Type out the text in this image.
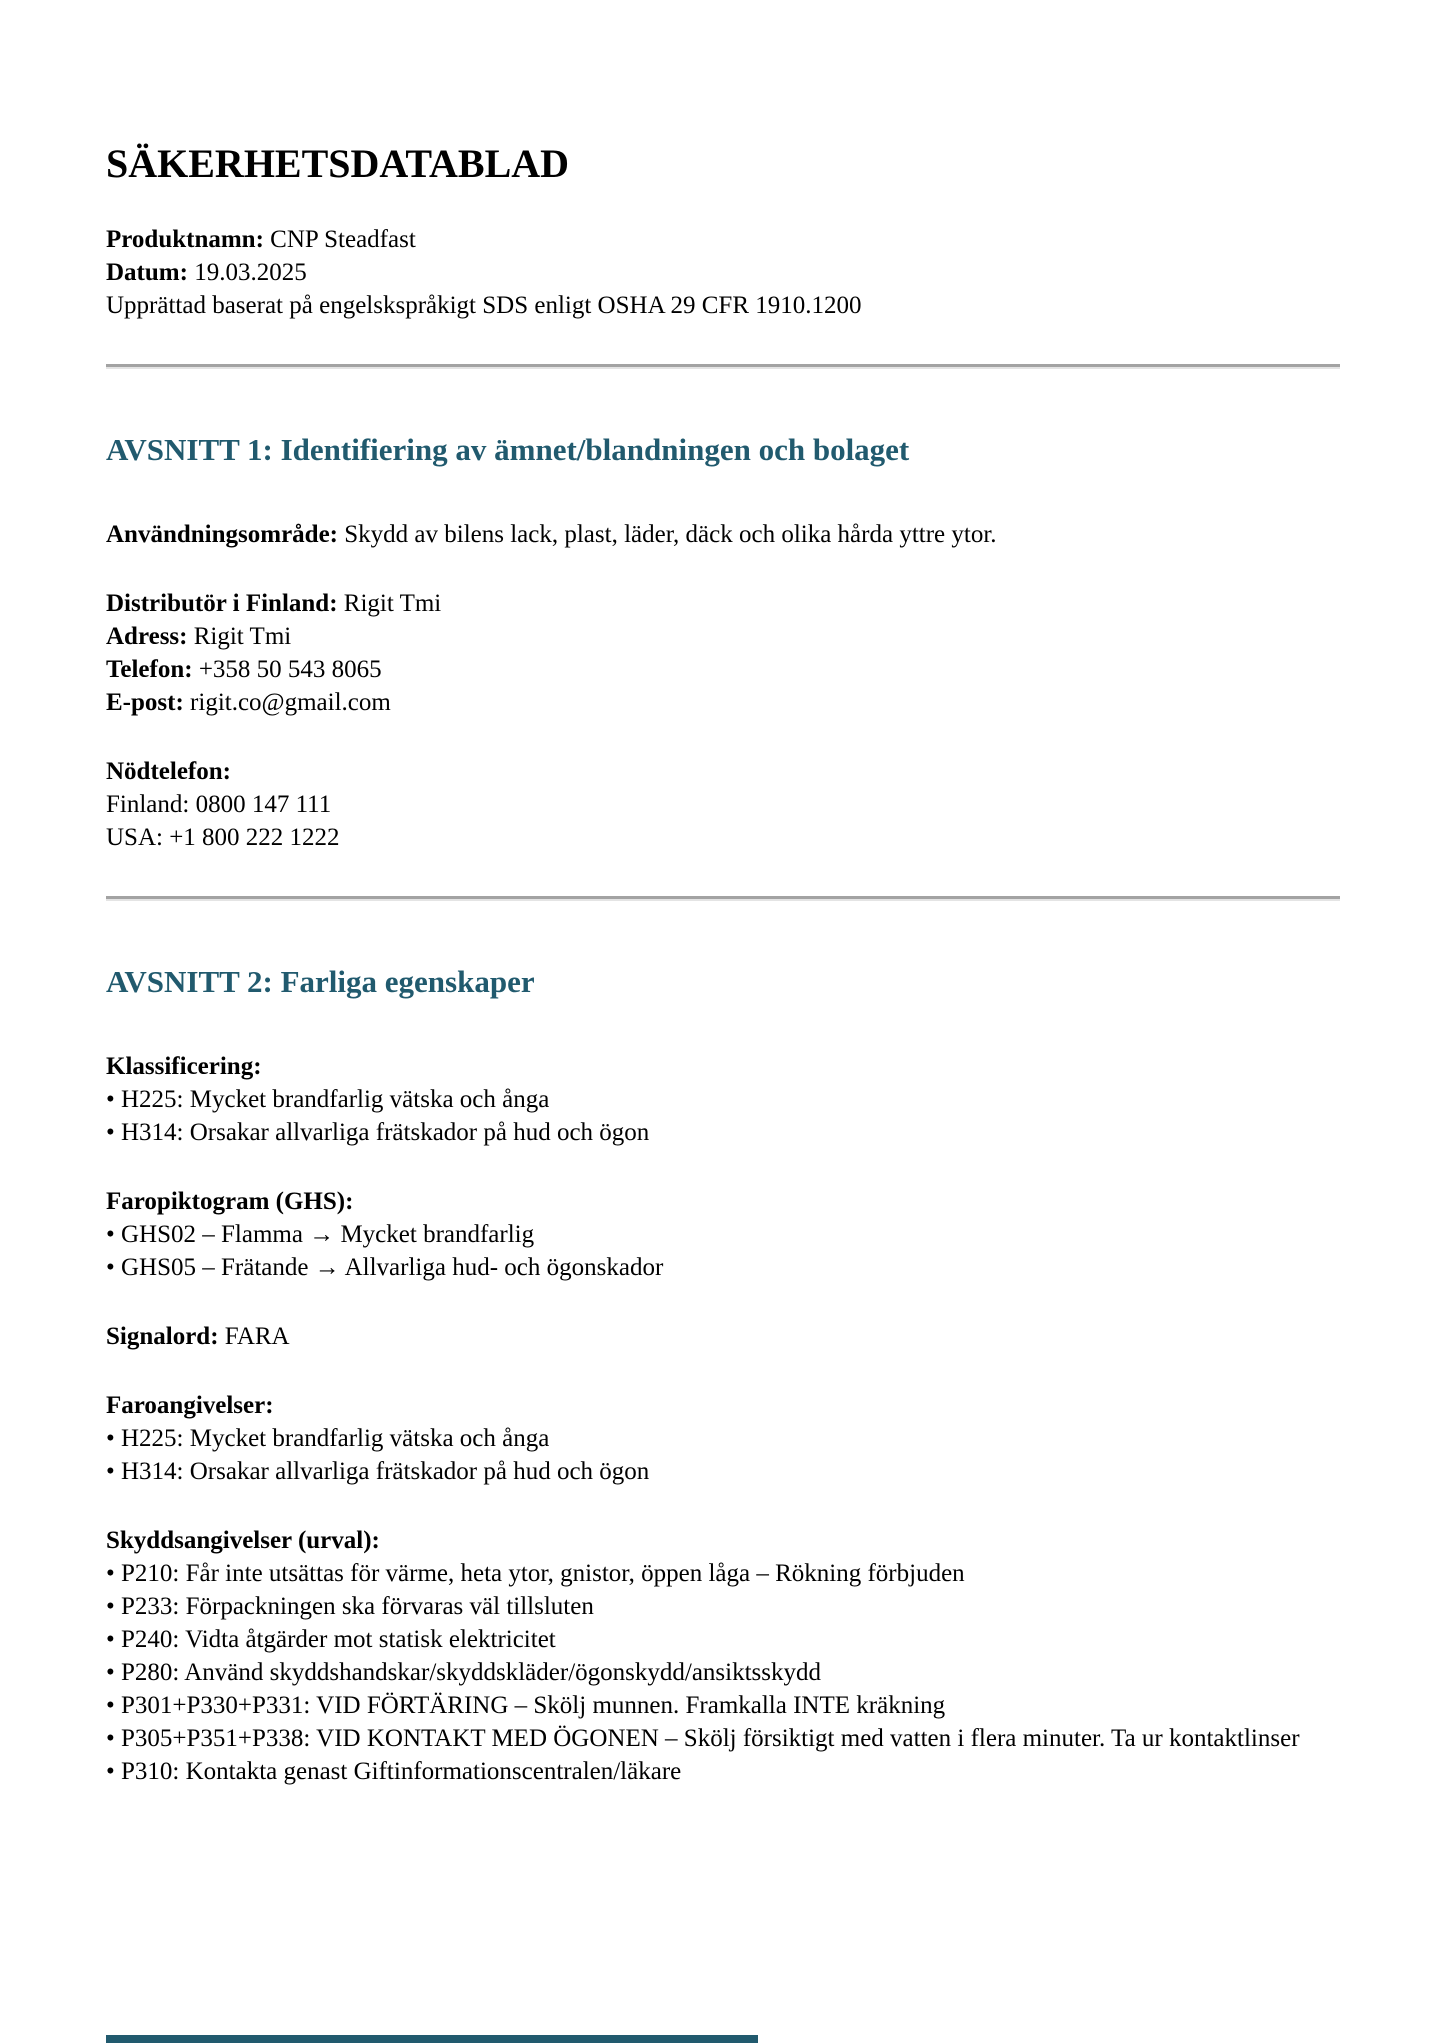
SÄKERHETSDATABLAD
Produktnamn: CNP Steadfast
Datum: 19.03.2025
Upprättad baserat på engelskspråkigt SDS enligt OSHA 29 CFR 1910.1200
AVSNITT 1: Identifiering av ämnet/blandningen och bolaget
Användningsområde: Skydd av bilens lack, plast, läder, däck och olika hårda yttre ytor.
Distributör i Finland: Rigit Tmi
Adress: Rigit Tmi
Telefon: +358 50 543 8065
E-post: rigit.co@gmail.com
Nödtelefon:
Finland: 0800 147 111
USA: +1 800 222 1222
AVSNITT 2: Farliga egenskaper
Klassificering:
• H225: Mycket brandfarlig vätska och ånga
• H314: Orsakar allvarliga frätskador på hud och ögon
Faropiktogram (GHS):
• GHS02 – Flamma → Mycket brandfarlig
• GHS05 – Frätande → Allvarliga hud- och ögonskador
Signalord: FARA
Faroangivelser:
• H225: Mycket brandfarlig vätska och ånga
• H314: Orsakar allvarliga frätskador på hud och ögon
Skyddsangivelser (urval):
• P210: Får inte utsättas för värme, heta ytor, gnistor, öppen låga – Rökning förbjuden
• P233: Förpackningen ska förvaras väl tillsluten
• P240: Vidta åtgärder mot statisk elektricitet
• P280: Använd skyddshandskar/skyddskläder/ögonskydd/ansiktsskydd
• P301+P330+P331: VID FÖRTÄRING – Skölj munnen. Framkalla INTE kräkning
• P305+P351+P338: VID KONTAKT MED ÖGONEN – Skölj försiktigt med vatten i flera minuter. Ta ur kontaktlinser
• P310: Kontakta genast Giftinformationscentralen/läkare
